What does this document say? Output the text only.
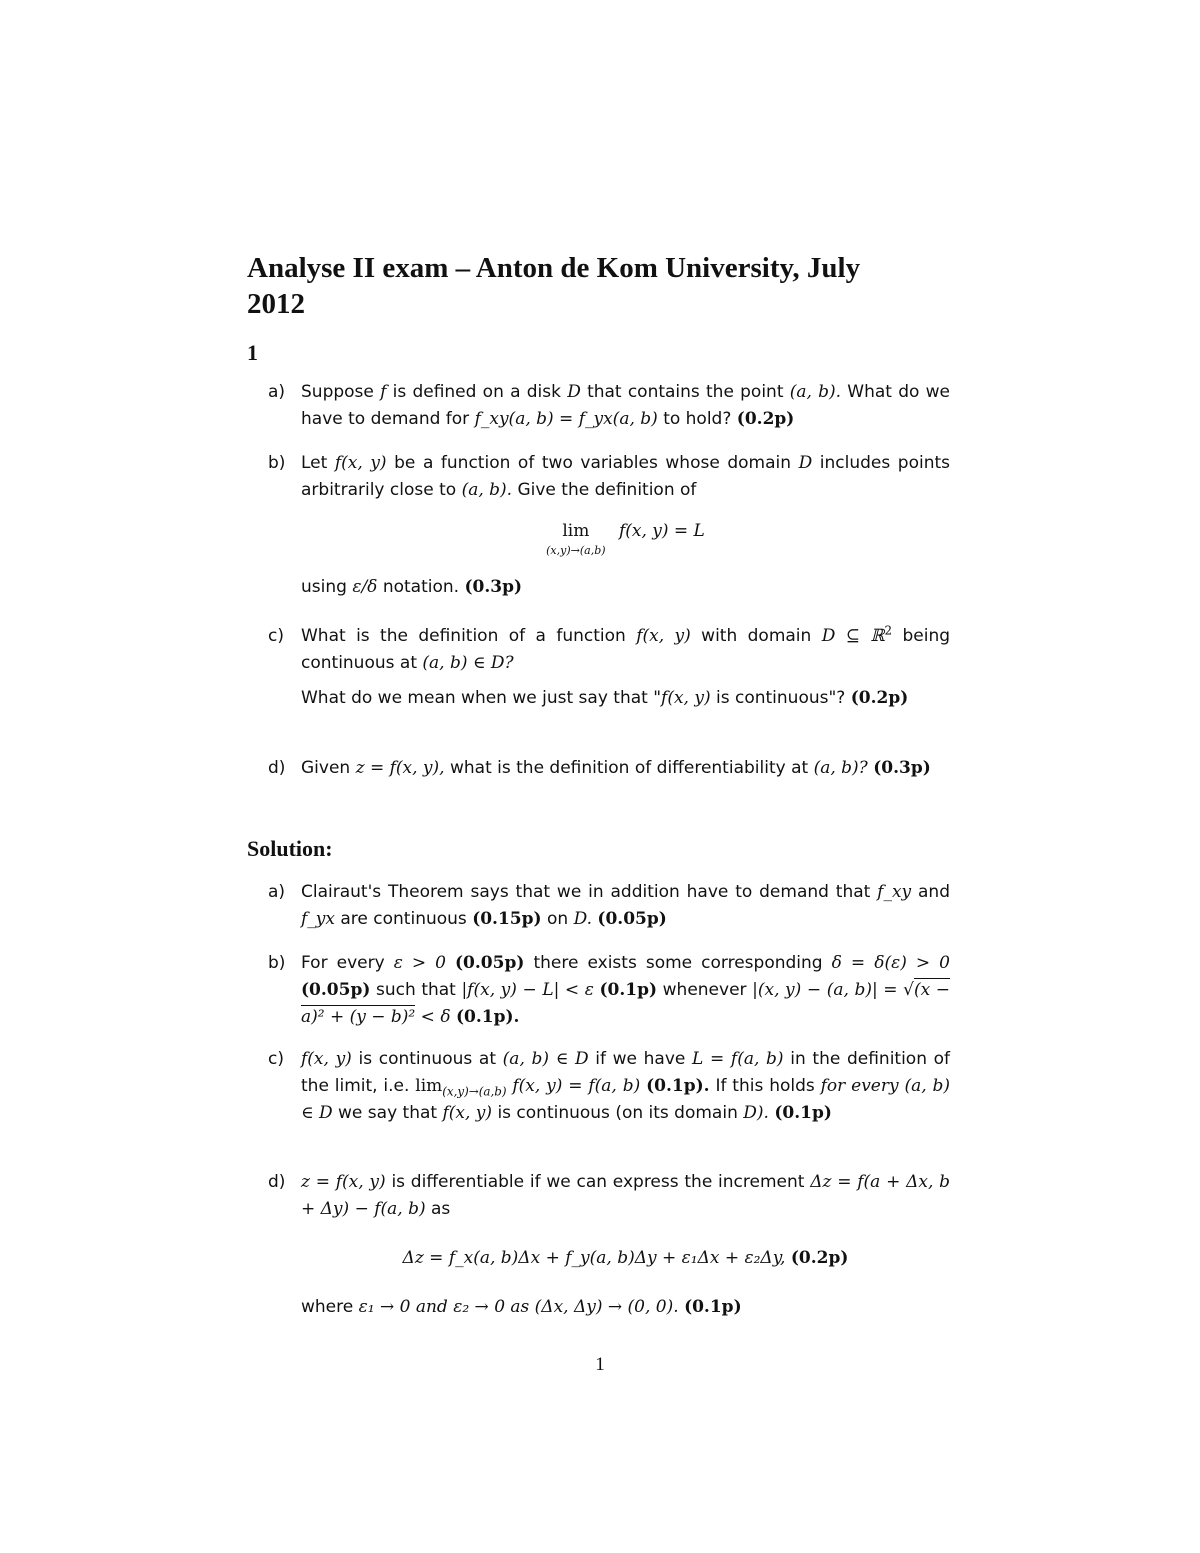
Analyse II exam – Anton de Kom University, July
2012
1
a) Suppose f is defined on a disk D that contains the point (a, b). What do we have to demand for f_xy(a, b) = f_yx(a, b) to hold? (0.2p)

b) Let f(x, y) be a function of two variables whose domain D includes points arbitrarily close to (a, b). Give the definition of

lim
(x,y)→(a,b)
f(x, y) = L

using ε/δ notation. (0.3p)

c)	What is the definition of a function f(x, y) with domain D ⊆ ℝ$^2$ being continuous at (a, b) ∈ D?

What do we mean when we just say that "f(x, y) is continuous"? (0.2p)

d) Given z = f(x, y), what is the definition of differentiability at (a, b)? (0.3p)

Solution:
a) Clairaut's Theorem says that we in addition have to demand that f_xy and f_yx are continuous (0.15p) on D. (0.05p)

b) For every ε > 0 (0.05p) there exists some corresponding δ = δ(ε) > 0 (0.05p) such that |f(x, y) − L| < ε (0.1p) whenever |(x, y) − (a, b)| = √(x − a)² + (y − b)² < δ (0.1p).

c)	f(x, y) is continuous at (a, b) ∈ D if we have L = f(a, b) in the definition of the limit, i.e. $\lim_{(x,y)\to(a,b)} f(x$, y) = f(a, b) (0.1p). If this holds for every (a, b) ∈ D we say that f(x, y) is continuous (on its domain D). (0.1p)

d) z = f(x, y) is differentiable if we can express the increment Δz = f(a + Δx, b + Δy) − f(a, b) as

Δz = f_x(a, b)Δx + f_y(a, b)Δy + ε₁Δx + ε₂Δy, (0.2p)

where ε₁ → 0 and ε₂ → 0 as (Δx, Δy) → (0, 0). (0.1p)

1
